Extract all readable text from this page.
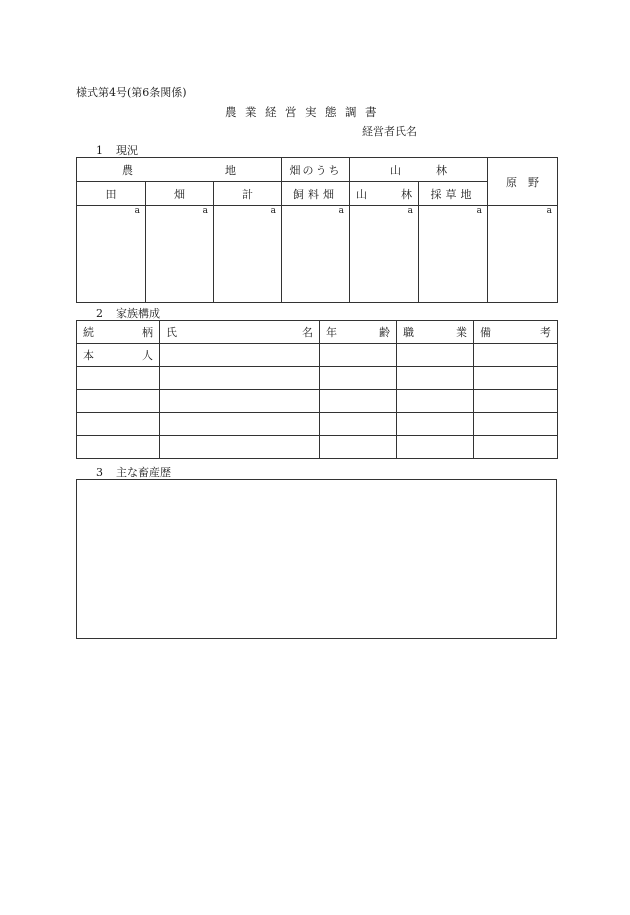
様式第4号(第6条関係)
農業経営実態調書
経営者氏名
1 現況
農 地			畑のうち	山 林		原　野
田	畑	計	飼料畑	山 林	採草地	
a	a	a	a	a	a	a
2 家族構成
続 柄	氏 名	年 齢	職 業	備 考

本 人				

3 主な畜産歴
